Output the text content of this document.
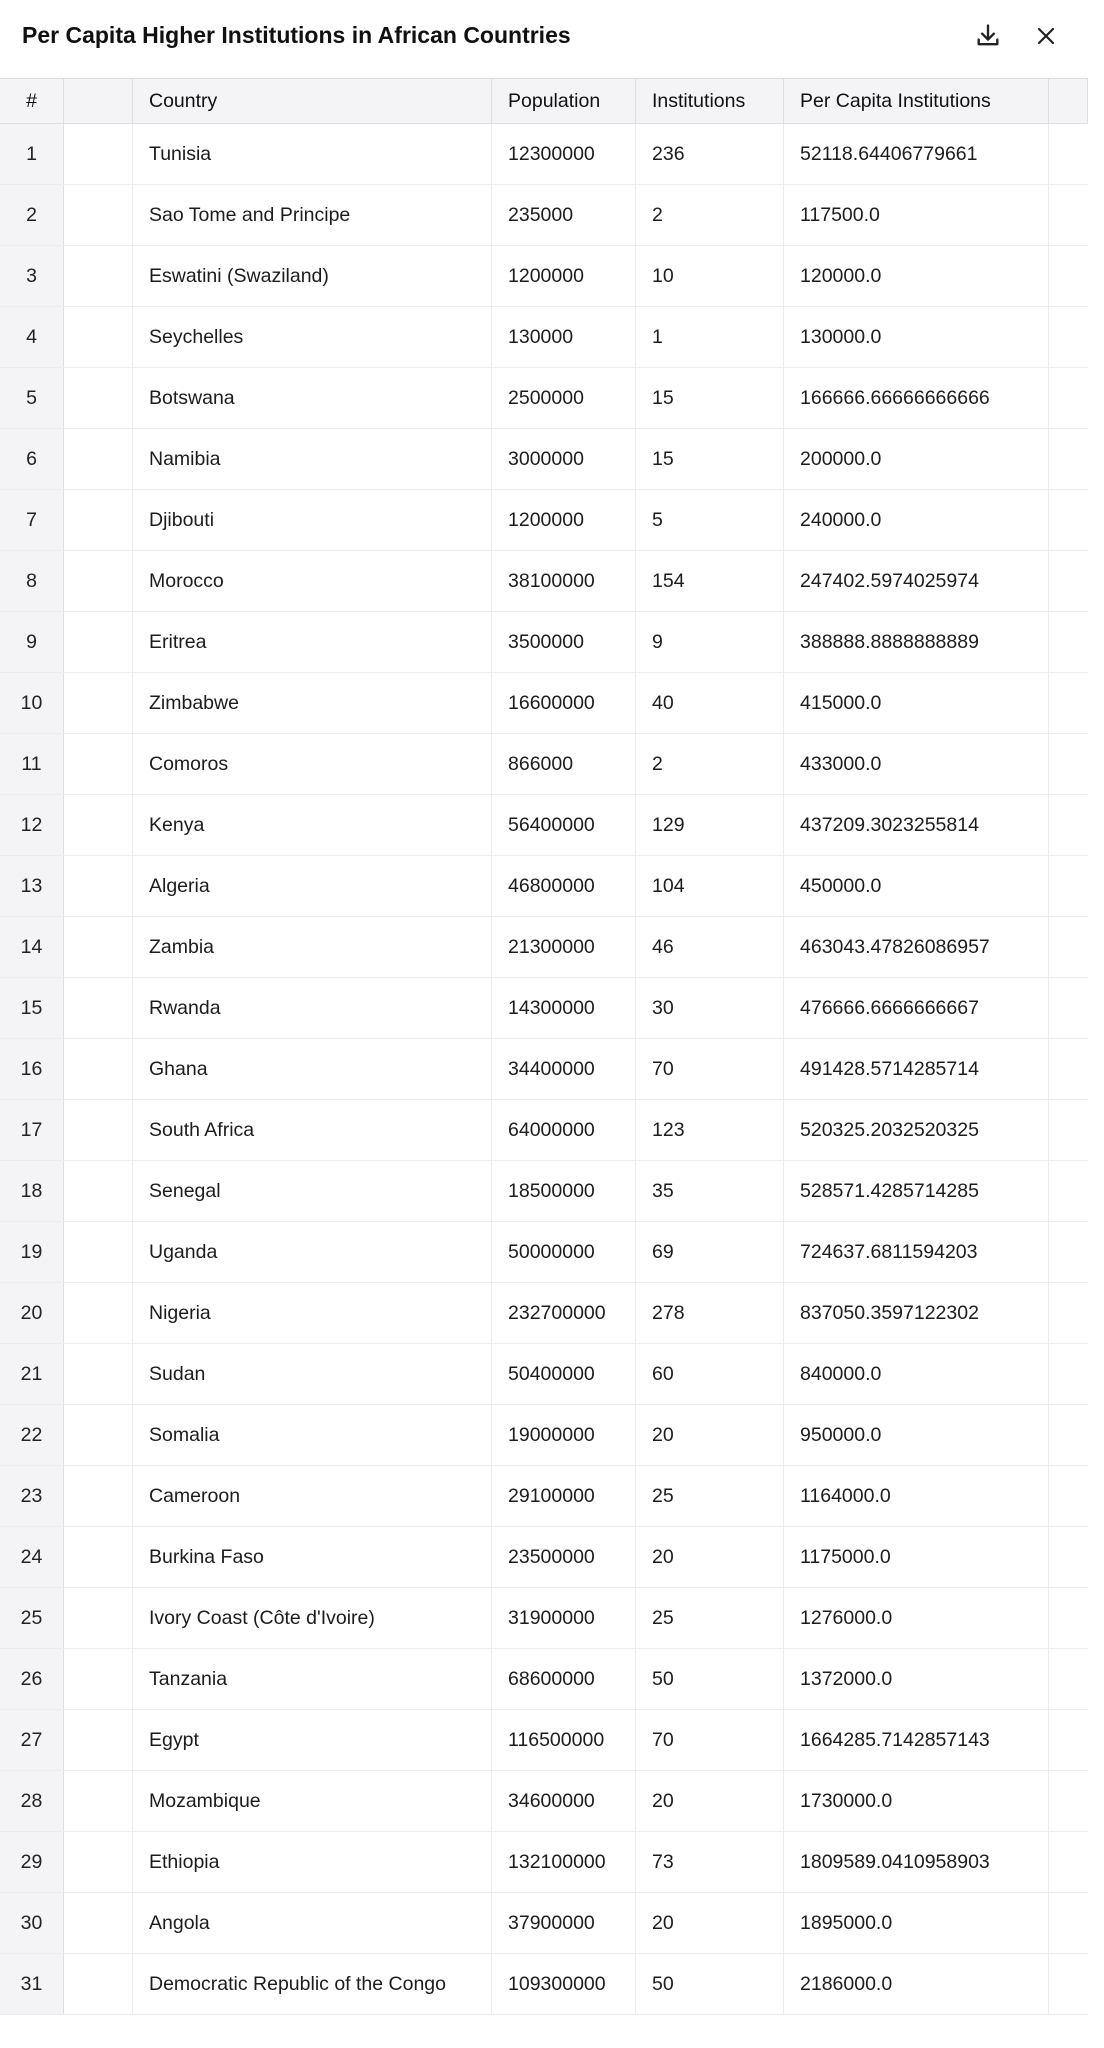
Per Capita Higher Institutions in African Countries
#	Country	Population	Institutions	Per Capita Institutions
1	Tunisia	12300000	236	52118.64406779661
2	Sao Tome and Principe	235000	2	117500.0
3	Eswatini (Swaziland)	1200000	10	120000.0
4	Seychelles	130000	1	130000.0
5	Botswana	2500000	15	166666.66666666666
6	Namibia	3000000	15	200000.0
7	Djibouti	1200000	5	240000.0
8	Morocco	38100000	154	247402.5974025974
9	Eritrea	3500000	9	388888.8888888889
10	Zimbabwe	16600000	40	415000.0
11	Comoros	866000	2	433000.0
12	Kenya	56400000	129	437209.3023255814
13	Algeria	46800000	104	450000.0
14	Zambia	21300000	46	463043.47826086957
15	Rwanda	14300000	30	476666.6666666667
16	Ghana	34400000	70	491428.5714285714
17	South Africa	64000000	123	520325.2032520325
18	Senegal	18500000	35	528571.4285714285
19	Uganda	50000000	69	724637.6811594203
20	Nigeria	232700000	278	837050.3597122302
21	Sudan	50400000	60	840000.0
22	Somalia	19000000	20	950000.0
23	Cameroon	29100000	25	1164000.0
24	Burkina Faso	23500000	20	1175000.0
25	Ivory Coast (Côte d'Ivoire)	31900000	25	1276000.0
26	Tanzania	68600000	50	1372000.0
27	Egypt	116500000	70	1664285.7142857143
28	Mozambique	34600000	20	1730000.0
29	Ethiopia	132100000	73	1809589.0410958903
30	Angola	37900000	20	1895000.0
31	Democratic Republic of the Congo	109300000	50	2186000.0
